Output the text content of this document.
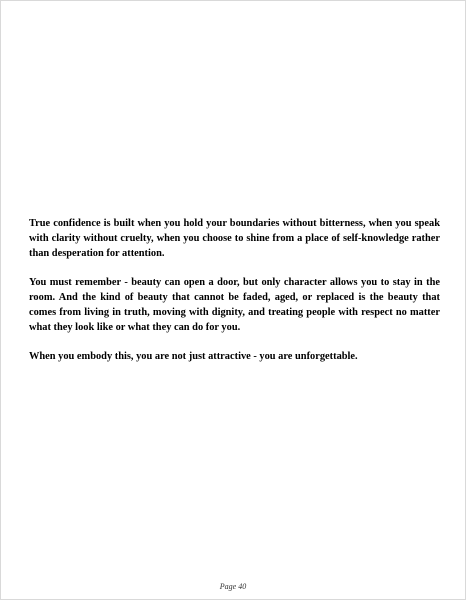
True confidence is built when you hold your boundaries without bitterness, when you speak with clarity without cruelty, when you choose to shine from a place of self-knowledge rather than desperation for attention.

You must remember - beauty can open a door, but only character allows you to stay in the room. And the kind of beauty that cannot be faded, aged, or replaced is the beauty that comes from living in truth, moving with dignity, and treating people with respect no matter what they look like or what they can do for you.

When you embody this, you are not just attractive - you are unforgettable.

Page 40
